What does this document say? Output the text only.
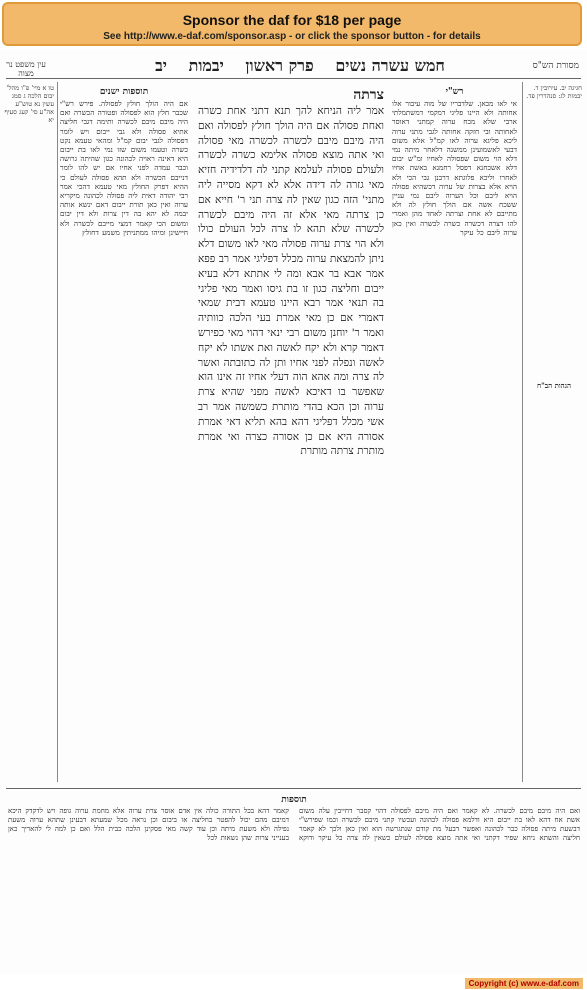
Sponsor the daf for $18 per page
See http://www.e-daf.com/sponsor.asp - or click the sponsor button - for details
מסורת הש"ס
חמש עשרה נשים פרק ראשון יבמות יב
עין משפט נר מצוה
טו א מיי' פ"ו מהל' יבום הלכה ג סמג עשין נא טוש"ע אה"ע סי' קעג סעיף יא
תוספות ישנים
אם היה הולך חולץ לפסולה. פירש רש"י שכבר חלץ הוא לפסולה ופטורה הכשרה ואם היה מיבם מיבם לכשרה ותימה דגבי חליצה אתיא פסולה ולא גבי ייבום ויש לומר דפסולה לגבי יבום קמ"ל ומהאי טעמא נקט כשרה וטעמו משום שזו נמי לאו בת ייבום היא דאינה ראויה לכהונה כגון שהיתה גרושה וכבר עמדה לפני אחיו אם יש להו לומר דנייבם הכשרה ולא תהא פסולה לעולם כי ההיא דפרק החולץ מאי טעמא דהכי אמר רבי יהודה דאית ליה פסולה לכהונה מיקריא ערוה ואין כאן תורת ייבום דאם ינשא אותה יבמה לא יהא בה דין צרות ולא דין יבום ומשום הכי קאמר דמצי מייבם לכשרה ולא חיישינן ומיהו ממתניתין משמע דחולץ
צרתה
אמר ליה הניחא להך תנא דתני אחת כשרה ואחת פסולה אם היה הולך חולץ לפסולה ואם היה מיבם מיבם לכשרה לכשרה מאי פסולה ואי אתה מוצא פסולה אלימא כשרה לכשרה ולעולם פסולה לעלמא קתני לה דלדידיה חזיא מאי גזרה לה דידה אלא לא דקא מסייה ליה מתני' הזה כגון שאין לה צרה תני ר' חייא אם כן צרתה מאי אלא זה היה מיבם לכשרה לכשרה שלא תהא לו צרה לכל העולם כולו ולא הוי צרת ערוה פסולה מאי לאו משום דלא ניתן להמצאת ערוה מכלל דפליגי אמר רב פפא אמר אבא בר אבא ומה לי אתתא דלא בעיא ייבום וחליצה כגון זו בת גיסו ואמר מאי פליגי בה תנאי אמר רבא היינו טעמא דבית שמאי דאמרי אם כן מאי אמרת בעי הלכה כוותיה ואמר ר' יוחנן משום רבי ינאי דהוי מאי כפירש דאמר קרא ולא יקח לאשה ואת אשתו לא יקח לאשה ונפלה לפני אחיו ותן לה כתובתה ואשר לה צרה ומה אהא הוה דעלי אחיו זה אינו הוא שאפשר בו דאיכא לאשה מפני שהיא צרת ערוה וכן הכא בהדי מותרת כשמשה אמר רב אשי מכלל דפליגי דהא בהא תליא דאי אמרת אסורה היא אם כן אסורה כצרה ואי אמרת מותרת צרתה מותרת
רש"י
אי לאו מכאן. שלדבריו של מוה עיבור אלו אחותה ולא היינו פליגי דמקמי דמשתמלתי ארבי שלא מכח ערוה קמתני דאוסר לאחותה ובי חזקה אחותה לגבי מתני ערוה ליכא פליגא ערוה לאו קמ"ל אלא משום דבעי לאשמועינן ממשנה דלאחר מיתה נמי דלא הוי משום שפסולה לאחיו ומ"ש יבום דלא אשכחנא דפסל רחמנא באשת אחיו לאחרו וליכא פלוגתא דרבנן גבי הכי ולא הויא אלא בצרות של ערוה דכשהיא פסולה הויא ליבם וכל הערוה ליבם נמי עניין ששכח אשה אם הולך חולץ לה ולא מתייבם לא אחת וצרתה לאחד מהן ואמרי להו דצרה דכשרה כשרה לכשרה ואין כאן ערוה ליבם כל עיקר
חגיגה יב. עירובין ד. יבמות לג: סנהדרין פד.
הגהות הב"ח
תוספות
ואם היה מיבם מיבם לכשרה. לא קאמר ואם היה מיבם לפסולה דהוי קסבר דחייבין עלה משום אשת אח דהא לאו בת ייבום היא ודלמא פסולה לכהונה ועכשיו קתני מיבם לכשרה וכמו שפירש"י דבשעת מיתה פסולה כבר לכהונה ואפשר דבעל מת קודם שנתגרשה הוא ואין כאן ולכך לא קאמר חליצה והשתא ניחא שפיר דקתני ואי אתה מוצא פסולה לעולם כשאין לה צרה כל עיקר ודוקא קאמר דהא בכל התורה כולה אין אדם אוסר צרת ערוה אלא מחמת ערוה גופה ויש לדקדק היכא דמיבם מהם יכול להפטר בחליצה או ביבום וכן נראה מכל שמעתא דבעינן שתהא ערוה משעת נפילה ולא משעת מיתה וכן עוד קשה מאי פסקינן הלכה כבית הלל ואם כן למה לי להאריך כאן בענייני צרות שהן נשאות לכל
Copyright (c) www.e-daf.com
